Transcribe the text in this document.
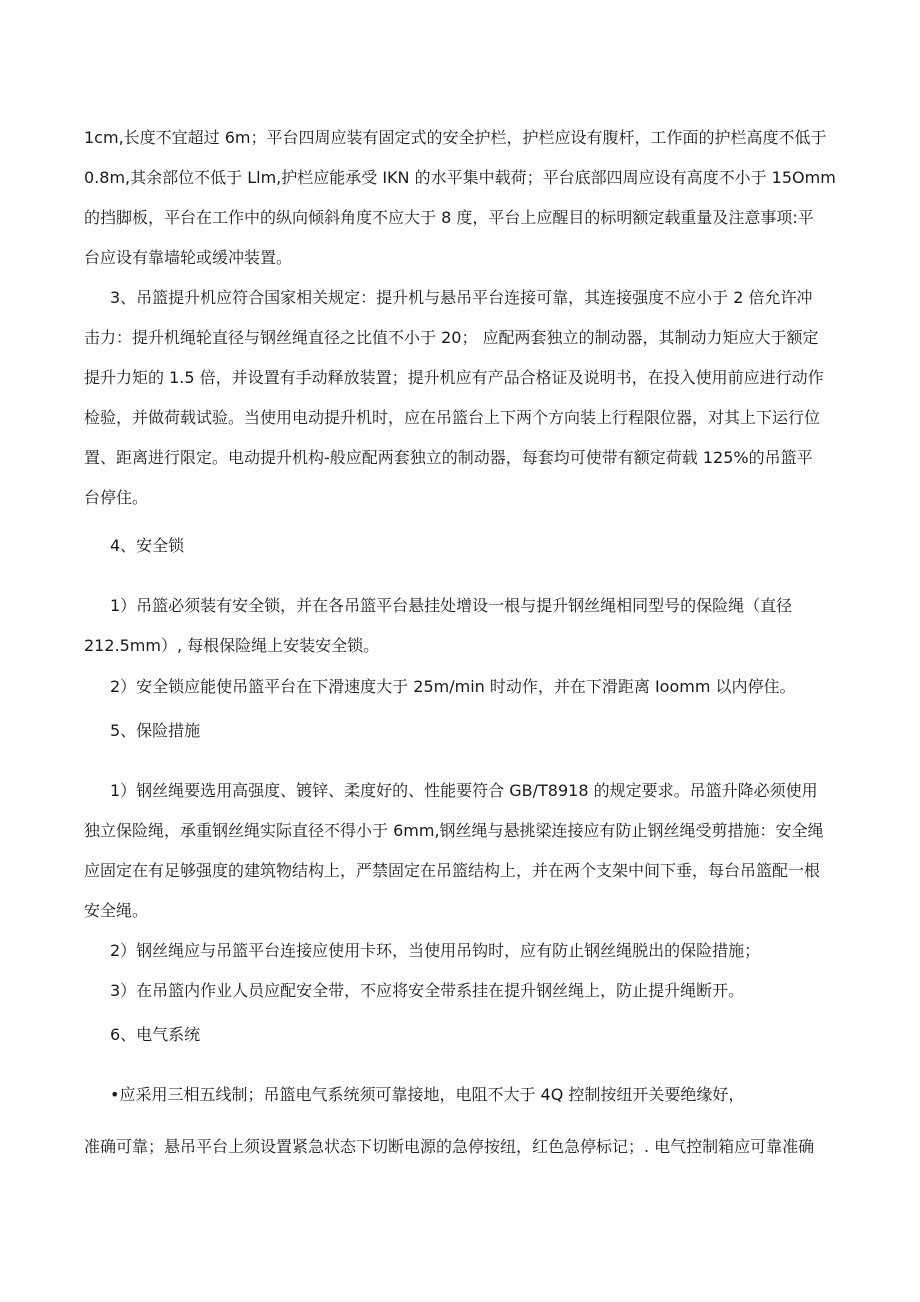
1cm,长度不宜超过 6m；平台四周应装有固定式的安全护栏，护栏应设有腹杆，工作面的护栏高度不低于
0.8m,其余部位不低于 Llm,护栏应能承受 IKN 的水平集中载荷；平台底部四周应设有高度不小于 15Omm
的挡脚板，平台在工作中的纵向倾斜角度不应大于 8 度，平台上应醒目的标明额定载重量及注意事项:平
台应设有靠墙轮或缓冲装置。
3、吊篮提升机应符合国家相关规定：提升机与悬吊平台连接可靠，其连接强度不应小于 2 倍允许冲
击力：提升机绳轮直径与钢丝绳直径之比值不小于 20； 应配两套独立的制动器，其制动力矩应大于额定
提升力矩的 1.5 倍，并设置有手动释放装置；提升机应有产品合格证及说明书，在投入使用前应进行动作
检验，并做荷载试验。当使用电动提升机时，应在吊篮台上下两个方向装上行程限位器，对其上下运行位
置、距离进行限定。电动提升机构-般应配两套独立的制动器，每套均可使带有额定荷载 125%的吊篮平
台停住。
4、安全锁
1）吊篮必须装有安全锁，并在各吊篮平台悬挂处增设一根与提升钢丝绳相同型号的保险绳（直径
212.5mm）, 每根保险绳上安装安全锁。
2）安全锁应能使吊篮平台在下滑速度大于 25m∕min 时动作，并在下滑距离 Ioomm 以内停住。
5、保险措施
1）钢丝绳要选用高强度、镀锌、柔度好的、性能要符合 GB/T8918 的规定要求。吊篮升降必须使用
独立保险绳，承重钢丝绳实际直径不得小于 6mm,钢丝绳与悬挑梁连接应有防止钢丝绳受剪措施：安全绳
应固定在有足够强度的建筑物结构上，严禁固定在吊篮结构上，并在两个支架中间下垂，每台吊篮配一根
安全绳。
2）钢丝绳应与吊篮平台连接应使用卡环，当使用吊钩时，应有防止钢丝绳脱出的保险措施；
3）在吊篮内作业人员应配安全带，不应将安全带系挂在提升钢丝绳上，防止提升绳断开。
6、电气系统
•应采用三相五线制；吊篮电气系统须可靠接地，电阻不大于 4Q 控制按纽开关要绝缘好，
准确可靠；悬吊平台上须设置紧急状态下切断电源的急停按纽，红色急停标记；. 电气控制箱应可靠准确
